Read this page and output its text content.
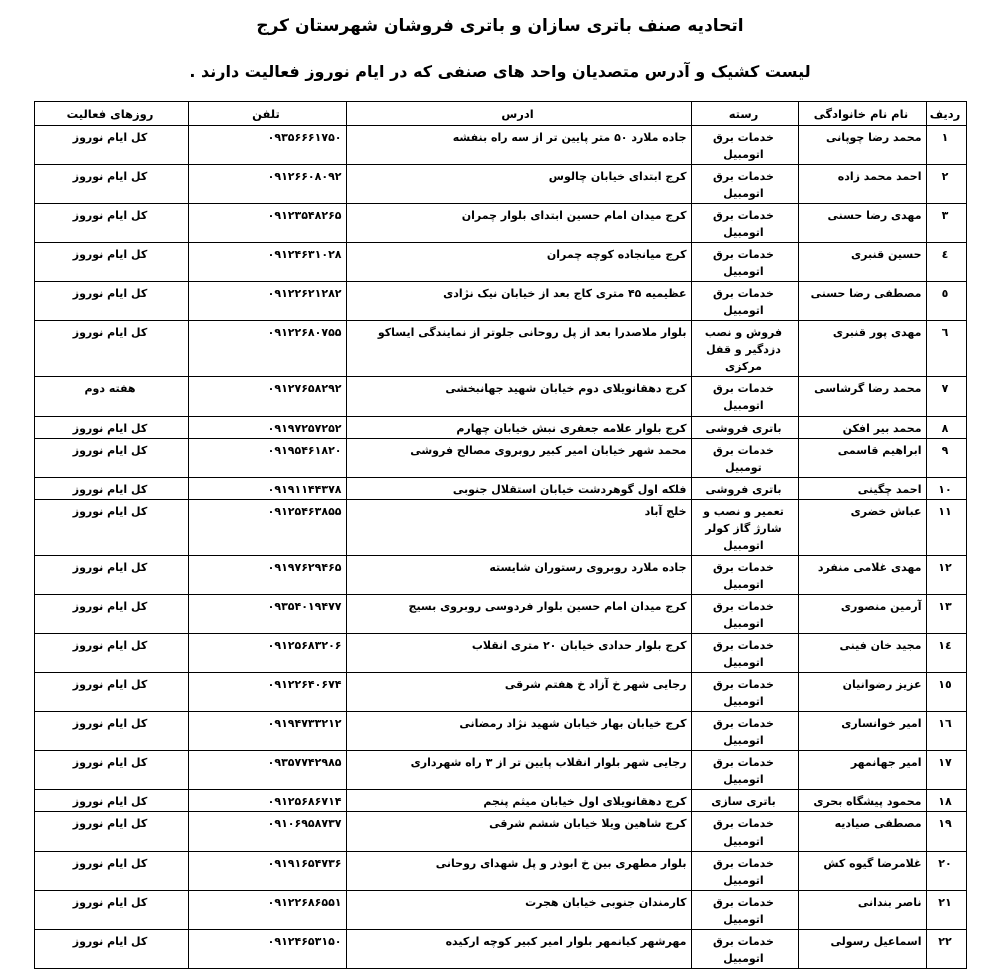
اتحادیه صنف باتری سازان و باتری فروشان شهرستان کرج
لیست کشیک و آدرس متصدیان واحد های صنفی که در ایام نوروز فعالیت دارند .
ردیف	نام نام خانوادگی	رسته	ادرس	تلفن	روزهای فعالیت
١	محمد رضا چوپانی	خدمات برق اتومبیل	جاده ملارد ۵۰ متر پایین تر از سه راه بنفشه	۰۹۳۵۶۶۶۱۷۵۰	کل ایام نوروز
٢	احمد محمد زاده	خدمات برق اتومبیل	کرج ابتدای خیابان چالوس	۰۹۱۲۶۶۰۸۰۹۲	کل ایام نوروز
٣	مهدی رضا حسنی	خدمات برق اتومبیل	کرج میدان امام حسین ابتدای بلوار چمران	۰۹۱۲۳۵۴۸۲۶۵	کل ایام نوروز
٤	حسین قنبری	خدمات برق اتومبیل	کرج میانجاده کوچه چمران	۰۹۱۲۴۶۳۱۰۲۸	کل ایام نوروز
٥	مصطفی رضا حسنی	خدمات برق اتومبیل	عظیمیه ۴۵ متری کاج بعد از خیابان نیک نژادی	۰۹۱۲۲۶۲۱۲۸۲	کل ایام نوروز
٦	مهدی پور قنبری	فروش و نصب دزدگیر و قفل مرکزی	بلوار ملاصدرا بعد از پل روحانی جلوتر از نمایندگی ایساکو	۰۹۱۲۲۶۸۰۷۵۵	کل ایام نوروز
٧	محمد رضا گرشاسی	خدمات برق اتومبیل	کرج دهقانویلای دوم خیابان شهید جهانبخشی	۰۹۱۲۷۶۵۸۲۹۲	هفته دوم
٨	محمد بیر افکن	باتری فروشی	کرج بلوار علامه جعفری نبش خیابان چهارم	۰۹۱۹۷۲۵۷۲۵۲	کل ایام نوروز
٩	ابراهیم قاسمی	خدمات برق تومبیل	محمد شهر خیابان امیر کبیر روبروی مصالح فروشی	۰۹۱۹۵۴۶۱۸۲۰	کل ایام نوروز
١٠	احمد چگینی	باتری فروشی	فلکه اول گوهردشت خیابان استقلال جنوبی	۰۹۱۹۱۱۴۴۳۷۸	کل ایام نوروز
١١	عباش خضری	تعمیر و نصب و شارژ گاز کولر اتومبیل	خلج آباد	۰۹۱۲۵۴۶۳۸۵۵	کل ایام نوروز
١٢	مهدی غلامی منفرد	خدمات برق اتومبیل	جاده ملارد روبروی رستوران شایسته	۰۹۱۹۷۶۲۹۴۶۵	کل ایام نوروز
١٣	آرمین منصوری	خدمات برق اتومبیل	کرج میدان امام حسین بلوار فردوسی روبروی بسیج	۰۹۳۵۴۰۱۹۴۷۷	کل ایام نوروز
١٤	مجید خان فینی	خدمات برق اتومبیل	کرج بلوار حدادی خیابان ۲۰ متری انقلاب	۰۹۱۲۵۶۸۳۲۰۶	کل ایام نوروز
١٥	عزیز رضوانیان	خدمات برق اتومبیل	رجایی شهر خ آزاد خ هفتم شرقی	۰۹۱۲۲۶۴۰۶۷۴	کل ایام نوروز
١٦	امیر خوانساری	خدمات برق اتومبیل	کرج خیابان بهار خیابان شهید نژاد رمضانی	۰۹۱۹۴۷۳۳۲۱۲	کل ایام نوروز
١٧	امیر جهانمهر	خدمات برق اتومبیل	رجایی شهر بلوار انقلاب پایین تر از ۳ راه شهرداری	۰۹۳۵۷۷۴۲۹۸۵	کل ایام نوروز
١٨	محمود پیشگاه بحری	باتری سازی	کرج دهقانویلای اول خیابان میثم پنجم	۰۹۱۲۵۶۸۶۷۱۴	کل ایام نوروز
١٩	مصطفی صیادیه	خدمات برق اتومبیل	کرج شاهین ویلا خیابان ششم شرقی	۰۹۱۰۶۹۵۸۷۳۷	کل ایام نوروز
٢٠	غلامرضا گیوه کش	خدمات برق اتومبیل	بلوار مطهری بین خ ابوذر و پل شهدای روحانی	۰۹۱۹۱۶۵۴۷۳۶	کل ایام نوروز
٢١	ناصر بندانی	خدمات برق اتومبیل	کارمندان جنوبی خیابان هجرت	۰۹۱۲۲۶۸۶۵۵۱	کل ایام نوروز
٢٢	اسماعیل رسولی	خدمات برق اتومبیل	مهرشهر کیانمهر بلوار امیر کبیر کوچه ارکیده	۰۹۱۲۴۶۵۳۱۵۰	کل ایام نوروز
